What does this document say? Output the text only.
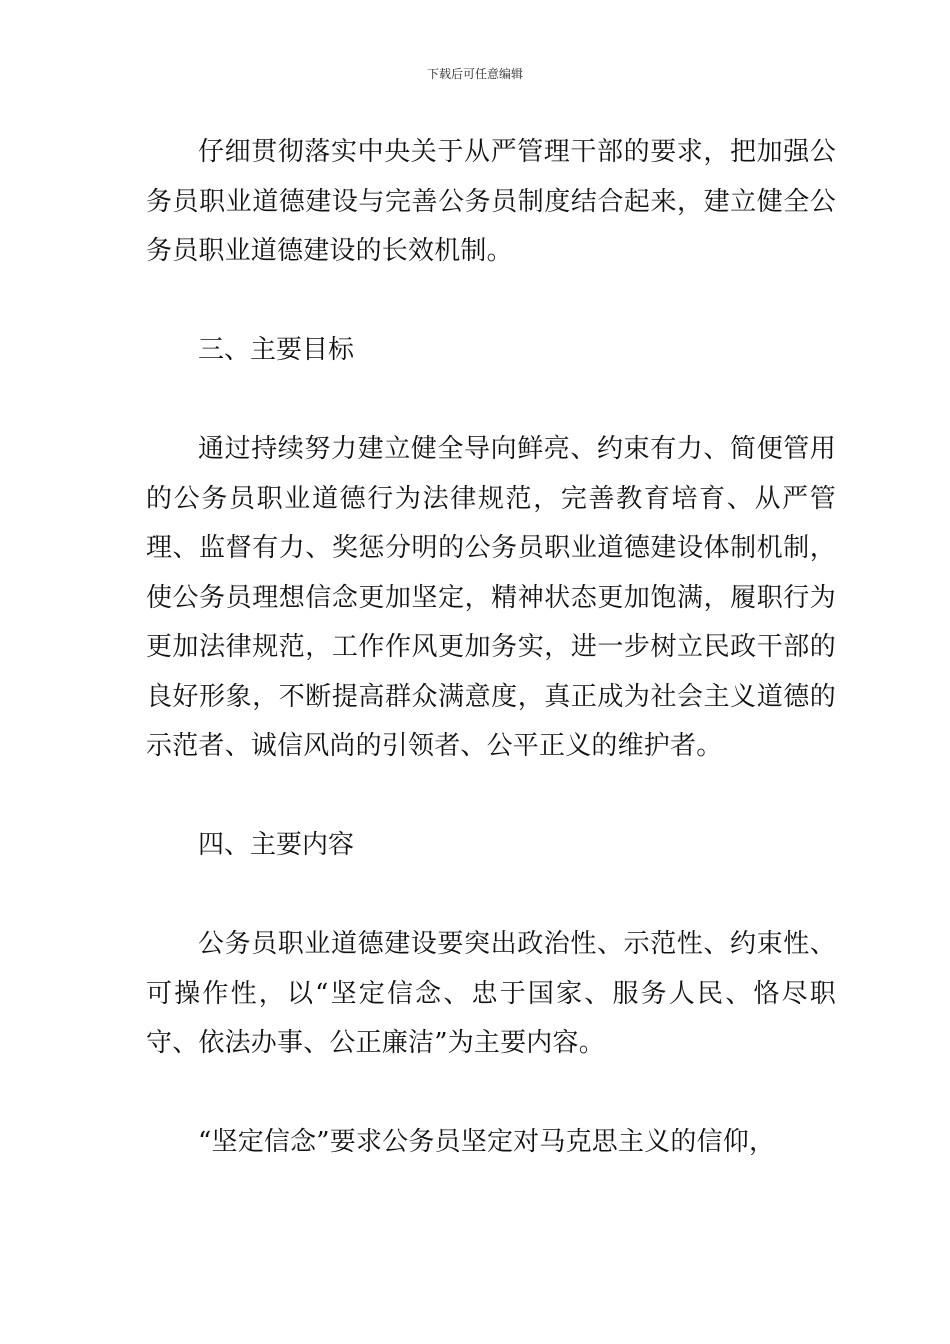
下载后可任意编辑

仔细贯彻落实中央关于从严管理干部的要求，把加强公务员职业道德建设与完善公务员制度结合起来，建立健全公务员职业道德建设的长效机制。

三、主要目标

通过持续努力建立健全导向鲜亮、约束有力、简便管用的公务员职业道德行为法律规范，完善教育培育、从严管理、监督有力、奖惩分明的公务员职业道德建设体制机制，使公务员理想信念更加坚定，精神状态更加饱满，履职行为更加法律规范，工作作风更加务实，进一步树立民政干部的良好形象，不断提高群众满意度，真正成为社会主义道德的示范者、诚信风尚的引领者、公平正义的维护者。

四、主要内容

公务员职业道德建设要突出政治性、示范性、约束性、可操作性，以“坚定信念、忠于国家、服务人民、恪尽职守、依法办事、公正廉洁”为主要内容。

“坚定信念”要求公务员坚定对马克思主义的信仰，
